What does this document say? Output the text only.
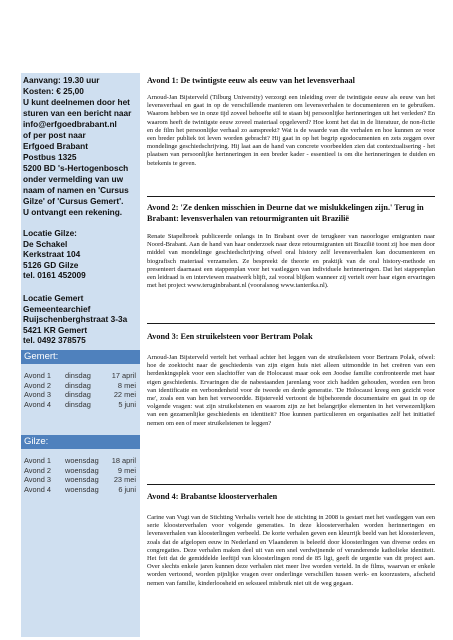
Aanvang: 19.30 uur

Kosten: € 25,00

U kunt deelnemen door het

sturen van een bericht naar

info@erfgoedbrabant.nl

of per post naar

Erfgoed Brabant

Postbus 1325

5200 BD 's-Hertogenbosch

onder vermelding van uw

naam of namen en 'Cursus

Gilze' of 'Cursus Gemert'.

U ontvangt een rekening.

Locatie Gilze:

De Schakel

Kerkstraat 104

5126 GD Gilze

tel. 0161 452009

Locatie Gemert

Gemeentearchief

Ruijschenberghstraat 3-3a

5421 KR Gemert

tel. 0492 378575

Gemert:
Avond 1 dinsdag	17 april
Avond 2 dinsdag	8 mei
Avond 3 dinsdag	22 mei
Avond 4 dinsdag	5 juni
Gilze:
Avond 1 woensdag 18 april
Avond 2 woensdag	9 mei
Avond 3 woensdag 23 mei
Avond 4 woensdag	6 juni
Avond 1: De twintigste eeuw als eeuw van het levensverhaal

Arnoud-Jan Bijsterveld (Tilburg University) verzorgt een inleiding over de twintigste eeuw als eeuw van het levensverhaal en gaat in op de verschillende manieren om levensverhalen te documenteren en te gebruiken. Waarom hebben we in onze tijd zoveel behoefte stil te staan bij persoonlijke herinneringen uit het verleden? En waarom heeft de twintigste eeuw zoveel materiaal opgeleverd? Hoe komt het dat in de literatuur, de non-fictie en de film het persoonlijke verhaal zo aanspreekt? Wat is de waarde van die verhalen en hoe kunnen ze voor een breder publiek tot leven worden gebracht? Hij gaat in op het begrip egodocumenten en zets zeggen over mondelinge geschiedschrijving. Hij laat aan de hand van concrete voorbeelden zien dat contextualisering - het plaatsen van persoonlijke herinneringen in een breder kader - essentieel is om die herinneringen te duiden en betekenis te geven.

Avond 2: 'Ze denken misschien in Deurne dat we mislukkelingen zijn.' Terug in Brabant: levensverhalen van retourmigranten uit Brazilië

Renate Stapelbroek publiceerde onlangs in In Brabant over de terugkeer van naoorlogse emigranten naar Noord-Brabant. Aan de hand van haar onderzoek naar deze retourmigranten uit Brazilië toont zij hoe men door middel van mondelinge geschiedschrijving ofwel oral history zelf levensverhalen kan documenteren en biografisch materiaal verzamelen. Ze bespreekt de theorie en praktijk van de oral history-methode en presenteert daarnaast een stappenplan voor het vastleggen van individuele herinneringen. Dat het stappenplan een leidraad is en interviewen maatwerk blijft, zal vooral blijken wanneer zij vertelt over haar eigen ervaringen met het project www.teruginbrabant.nl (vooralsnog www.tanterika.nl).

Avond 3: Een struikelsteen voor Bertram Polak

Arnoud-Jan Bijsterveld vertelt het verhaal achter het leggen van de struikelsteen voor Bertram Polak, ofwel: hoe de zoektocht naar de geschiedenis van zijn eigen huis niet alleen uitmondde in het creëren van een herdenkingsplek voor een slachtoffer van de Holocaust maar ook een Joodse familie confronteerde met haar eigen geschiedenis. Ervaringen die de nabestaanden jarenlang voor zich hadden gehouden, worden een bron van identificatie en verbondenheid voor de tweede en derde generatie. 'De Holocaust kreeg een gezicht voor me', zoals een van hen het verwoordde. Bijsterveld vertoont de bijbehorende documentaire en gaat in op de volgende vragen: wat zijn struikelstenen en waarom zijn ze het belangrijke elementen in het verwezenlijken van een gezamenlijke geschiedenis en identiteit? Hoe kunnen particulieren en organisaties zelf het initiatief nemen om een of meer struikelstenen te leggen?

Avond 4: Brabantse kloosterverhalen

Carine van Vugt van de Stichting Verhalis vertelt hoe de stichting in 2008 is gestart met het vastleggen van een serie kloosterverhalen voor volgende generaties. In deze kloosterverhalen worden herinneringen en levensverhalen van kloosterlingen verbeeld. De korte verhalen geven een kleurrijk beeld van het kloosterleven, zoals dat de afgelopen eeuw in Nederland en Vlaanderen is beleefd door kloosterlingen van diverse ordes en congregaties. Deze verhalen maken deel uit van een snel verdwijnende of veranderende katholieke identiteit. Het feit dat de gemiddelde leeftijd van kloosterlingen rond de 85 ligt, geeft de urgentie van dit project aan. Over slechts enkele jaren kunnen deze verhalen niet meer live worden verteld. In de films, waarvan er enkele worden vertoond, worden pijnlijke vragen over onderlinge verschillen tussen werk- en koorzusters, afscheid nemen van familie, kinderloosheid en seksueel misbruik niet uit de weg gegaan.
